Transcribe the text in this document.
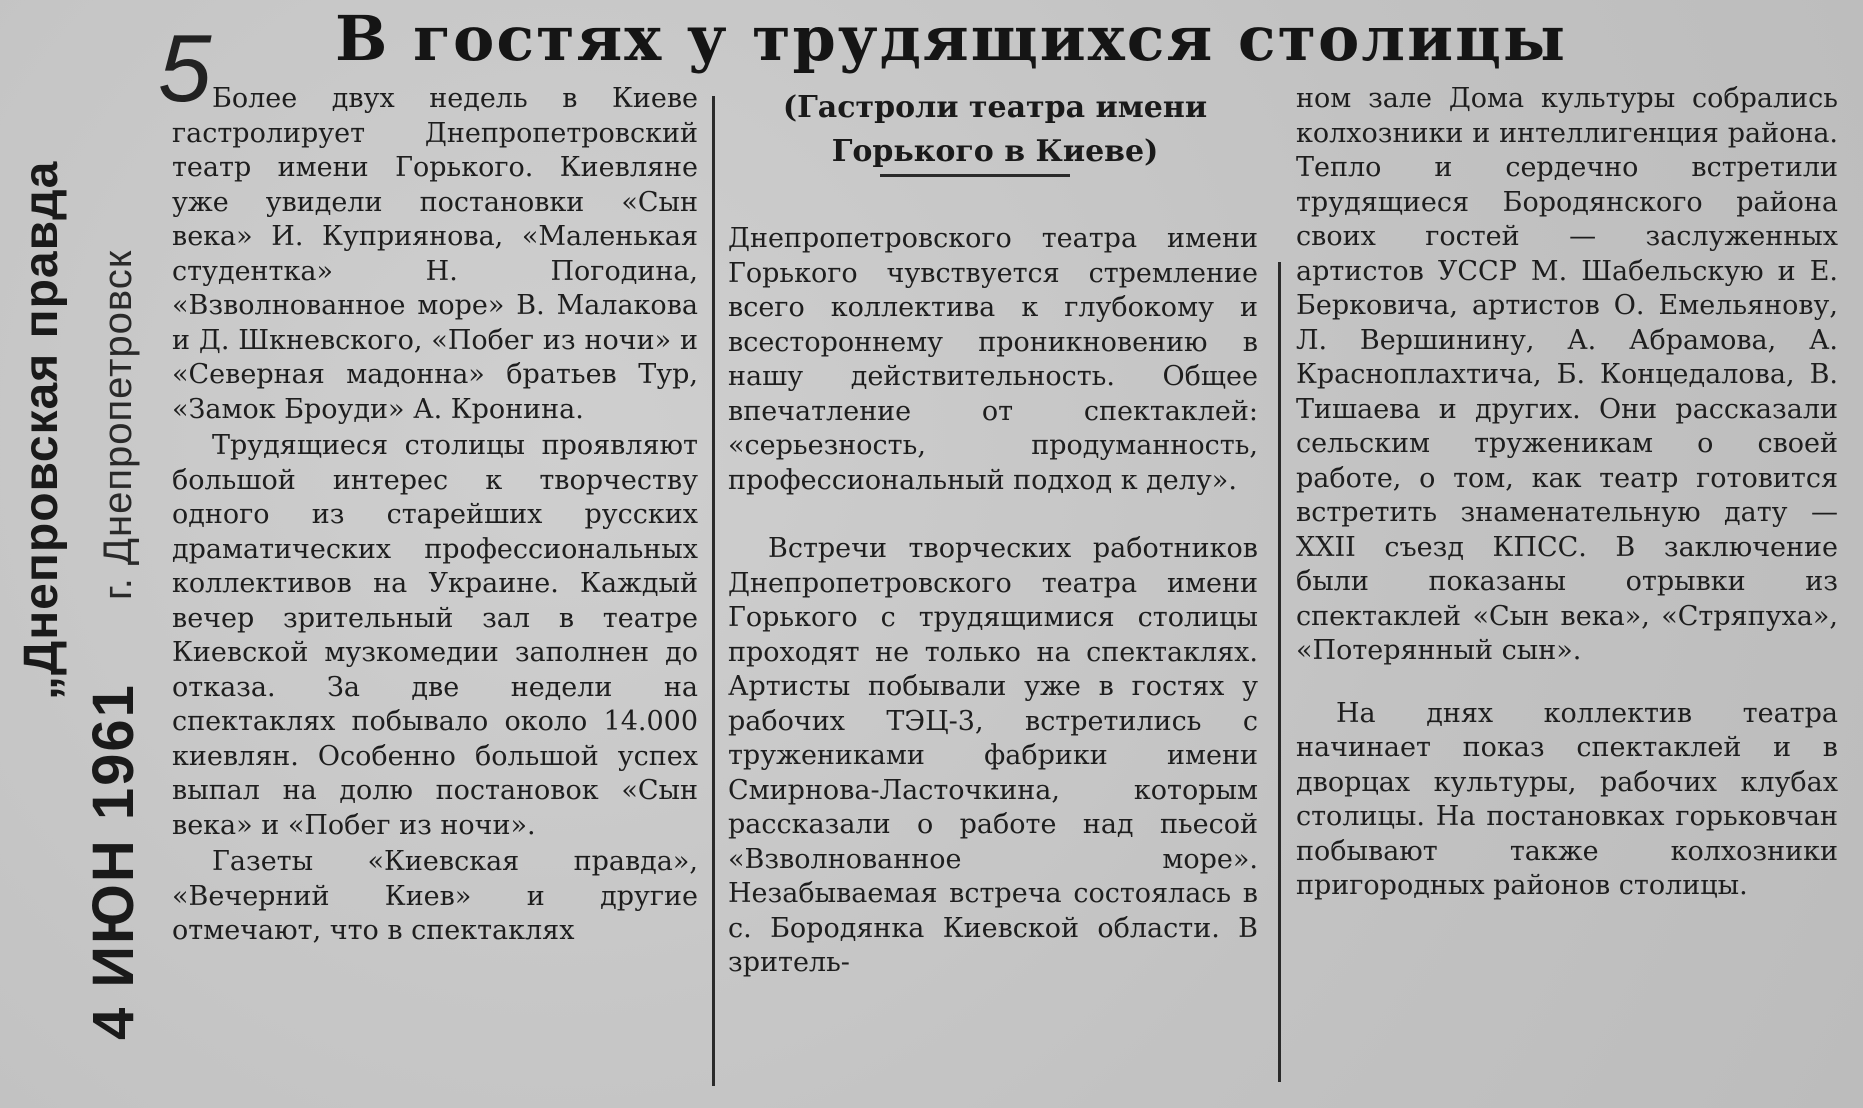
„Днепровская правда г. Днепропетровск
4 ИЮН 1961
5 В гостях у трудящихся столицы
(Гастроли театра имени Горького в Киеве)

Более двух недель в Киеве гастролирует Днепропетровский театр имени Горького. Киевляне уже увидели постановки «Сын века» И. Куприянова, «Маленькая студентка» Н. Погодина, «Взволнованное море» В. Малакова и Д. Шкневского, «Побег из ночи» и «Северная мадонна» братьев Тур, «Замок Броуди» А. Кронина.

Трудящиеся столицы проявляют большой интерес к творчеству одного из старейших русских драматических профессиональных коллективов на Украине. Каждый вечер зрительный зал в театре Киевской музкомедии заполнен до отказа. За две недели на спектаклях побывало около 14.000 киевлян. Особенно большой успех выпал на долю постановок «Сын века» и «Побег из ночи».

Газеты «Киевская правда», «Вечерний Киев» и другие отмечают, что в спектаклях

Днепропетровского театра имени Горького чувствуется стремление всего коллектива к глубокому и всестороннему проникновению в нашу действительность. Общее впечатление от спектаклей: «серьезность, продуманность, профессиональный подход к делу».

Встречи творческих работников Днепропетровского театра имени Горького с трудящимися столицы проходят не только на спектаклях. Артисты побывали уже в гостях у рабочих ТЭЦ-3, встретились с тружениками фабрики имени Смирнова-Ласточкина, которым рассказали о работе над пьесой «Взволнованное море». Незабываемая встреча состоялась в с. Бородянка Киевской области. В зритель-

ном зале Дома культуры собрались колхозники и интеллигенция района. Тепло и сердечно встретили трудящиеся Бородянского района своих гостей — заслуженных артистов УССР М. Шабельскую и Е. Берковича, артистов О. Емельянову, Л. Вершинину, А. Абрамова, А. Красноплахтича, Б. Концедалова, В. Тишаева и других. Они рассказали сельским труженикам о своей работе, о том, как театр готовится встретить знаменательную дату — XXII съезд КПСС. В заключение были показаны отрывки из спектаклей «Сын века», «Стряпуха», «Потерянный сын».

На днях коллектив театра начинает показ спектаклей и в дворцах культуры, рабочих клубах столицы. На постановках горьковчан побывают также колхозники пригородных районов столицы.
